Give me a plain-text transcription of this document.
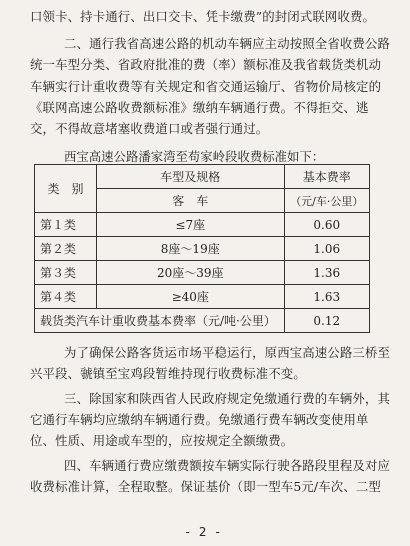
口领卡、持卡通行、出口交卡、凭卡缴费”的封闭式联网收费。
二、通行我省高速公路的机动车辆应主动按照全省收费公路
统一车型分类、省政府批准的费（率）额标准及我省载货类机动
车辆实行计重收费等有关规定和省交通运输厅、省物价局核定的
《联网高速公路收费额标准》缴纳车辆通行费。不得拒交、逃
交，不得故意堵塞收费道口或者强行通过。
西宝高速公路潘家湾至苟家岭段收费标准如下：
类　别	车型及规格	基本费率
	客　车	（元/车·公里）
第１类	≤7座	0.60
第２类	8座～19座	1.06
第３类	20座～39座	1.36
第４类	≥40座	1.63
载货类汽车计重收费基本费率（元/吨·公里）		0.12
为了确保公路客货运市场平稳运行，原西宝高速公路三桥至
兴平段、虢镇至宝鸡段暂维持现行收费标准不变。
三、除国家和陕西省人民政府规定免缴通行费的车辆外，其
它通行车辆均应缴纳车辆通行费。免缴通行费车辆改变使用单
位、性质、用途或车型的，应按规定全额缴费。
四、车辆通行费应缴费额按车辆实际行驶各路段里程及对应
收费标准计算，全程取整。保证基价（即一型车5元/车次、二型
- 2 -
